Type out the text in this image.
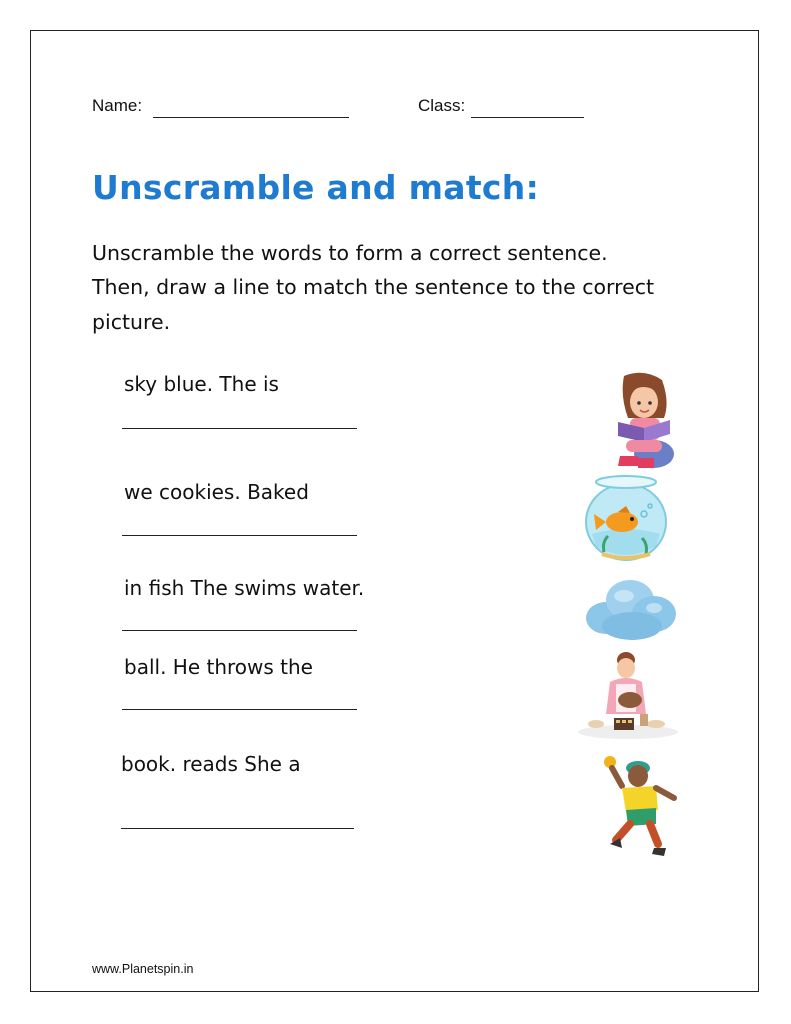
Name:	Class:
Unscramble and match:
Unscramble the words to form a correct sentence.
Then, draw a line to match the sentence to the correct
picture.
sky blue. The is
we cookies. Baked
in fish The swims water.
ball. He throws the
book. reads She a
www.Planetspin.in
